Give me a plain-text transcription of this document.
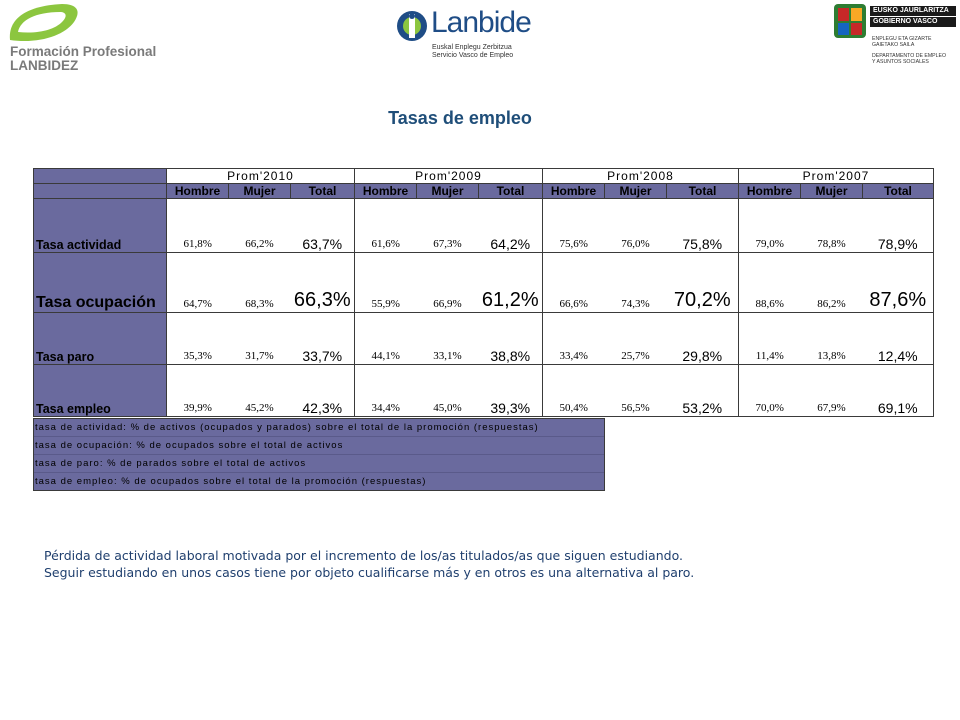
Formación Profesional
LANBIDEZ
Lanbide
Euskal Enplegu Zerbitzua
Servicio Vasco de Empleo
EUSKO JAURLARITZA
GOBIERNO VASCO
ENPLEGU ETA GIZARTE
GAIETAKO SAILA
DEPARTAMENTO DE EMPLEO
Y ASUNTOS SOCIALES
Tasas de empleo
	Prom'2010			Prom'2009			Prom'2008			Prom'2007		
	Hombre	Mujer	Total	Hombre	Mujer	Total	Hombre	Mujer	Total	Hombre	Mujer	Total
Tasa actividad	61,8%	66,2%	63,7%	61,6%	67,3%	64,2%	75,6%	76,0%	75,8%	79,0%	78,8%	78,9%
Tasa ocupación	64,7%	68,3%	66,3%	55,9%	66,9%	61,2%	66,6%	74,3%	70,2%	88,6%	86,2%	87,6%
Tasa paro	35,3%	31,7%	33,7%	44,1%	33,1%	38,8%	33,4%	25,7%	29,8%	11,4%	13,8%	12,4%
Tasa empleo	39,9%	45,2%	42,3%	34,4%	45,0%	39,3%	50,4%	56,5%	53,2%	70,0%	67,9%	69,1%
tasa de actividad: % de activos (ocupados y parados) sobre el total de la promoción (respuestas)
tasa de ocupación: % de ocupados sobre el total de activos
tasa de paro: % de parados sobre el total de activos
tasa de empleo: % de ocupados sobre el total de la promoción (respuestas)
Pérdida de actividad laboral motivada por el incremento de los/as titulados/as que siguen estudiando.
Seguir estudiando en unos casos tiene por objeto cualificarse más y en otros es una alternativa al paro.
